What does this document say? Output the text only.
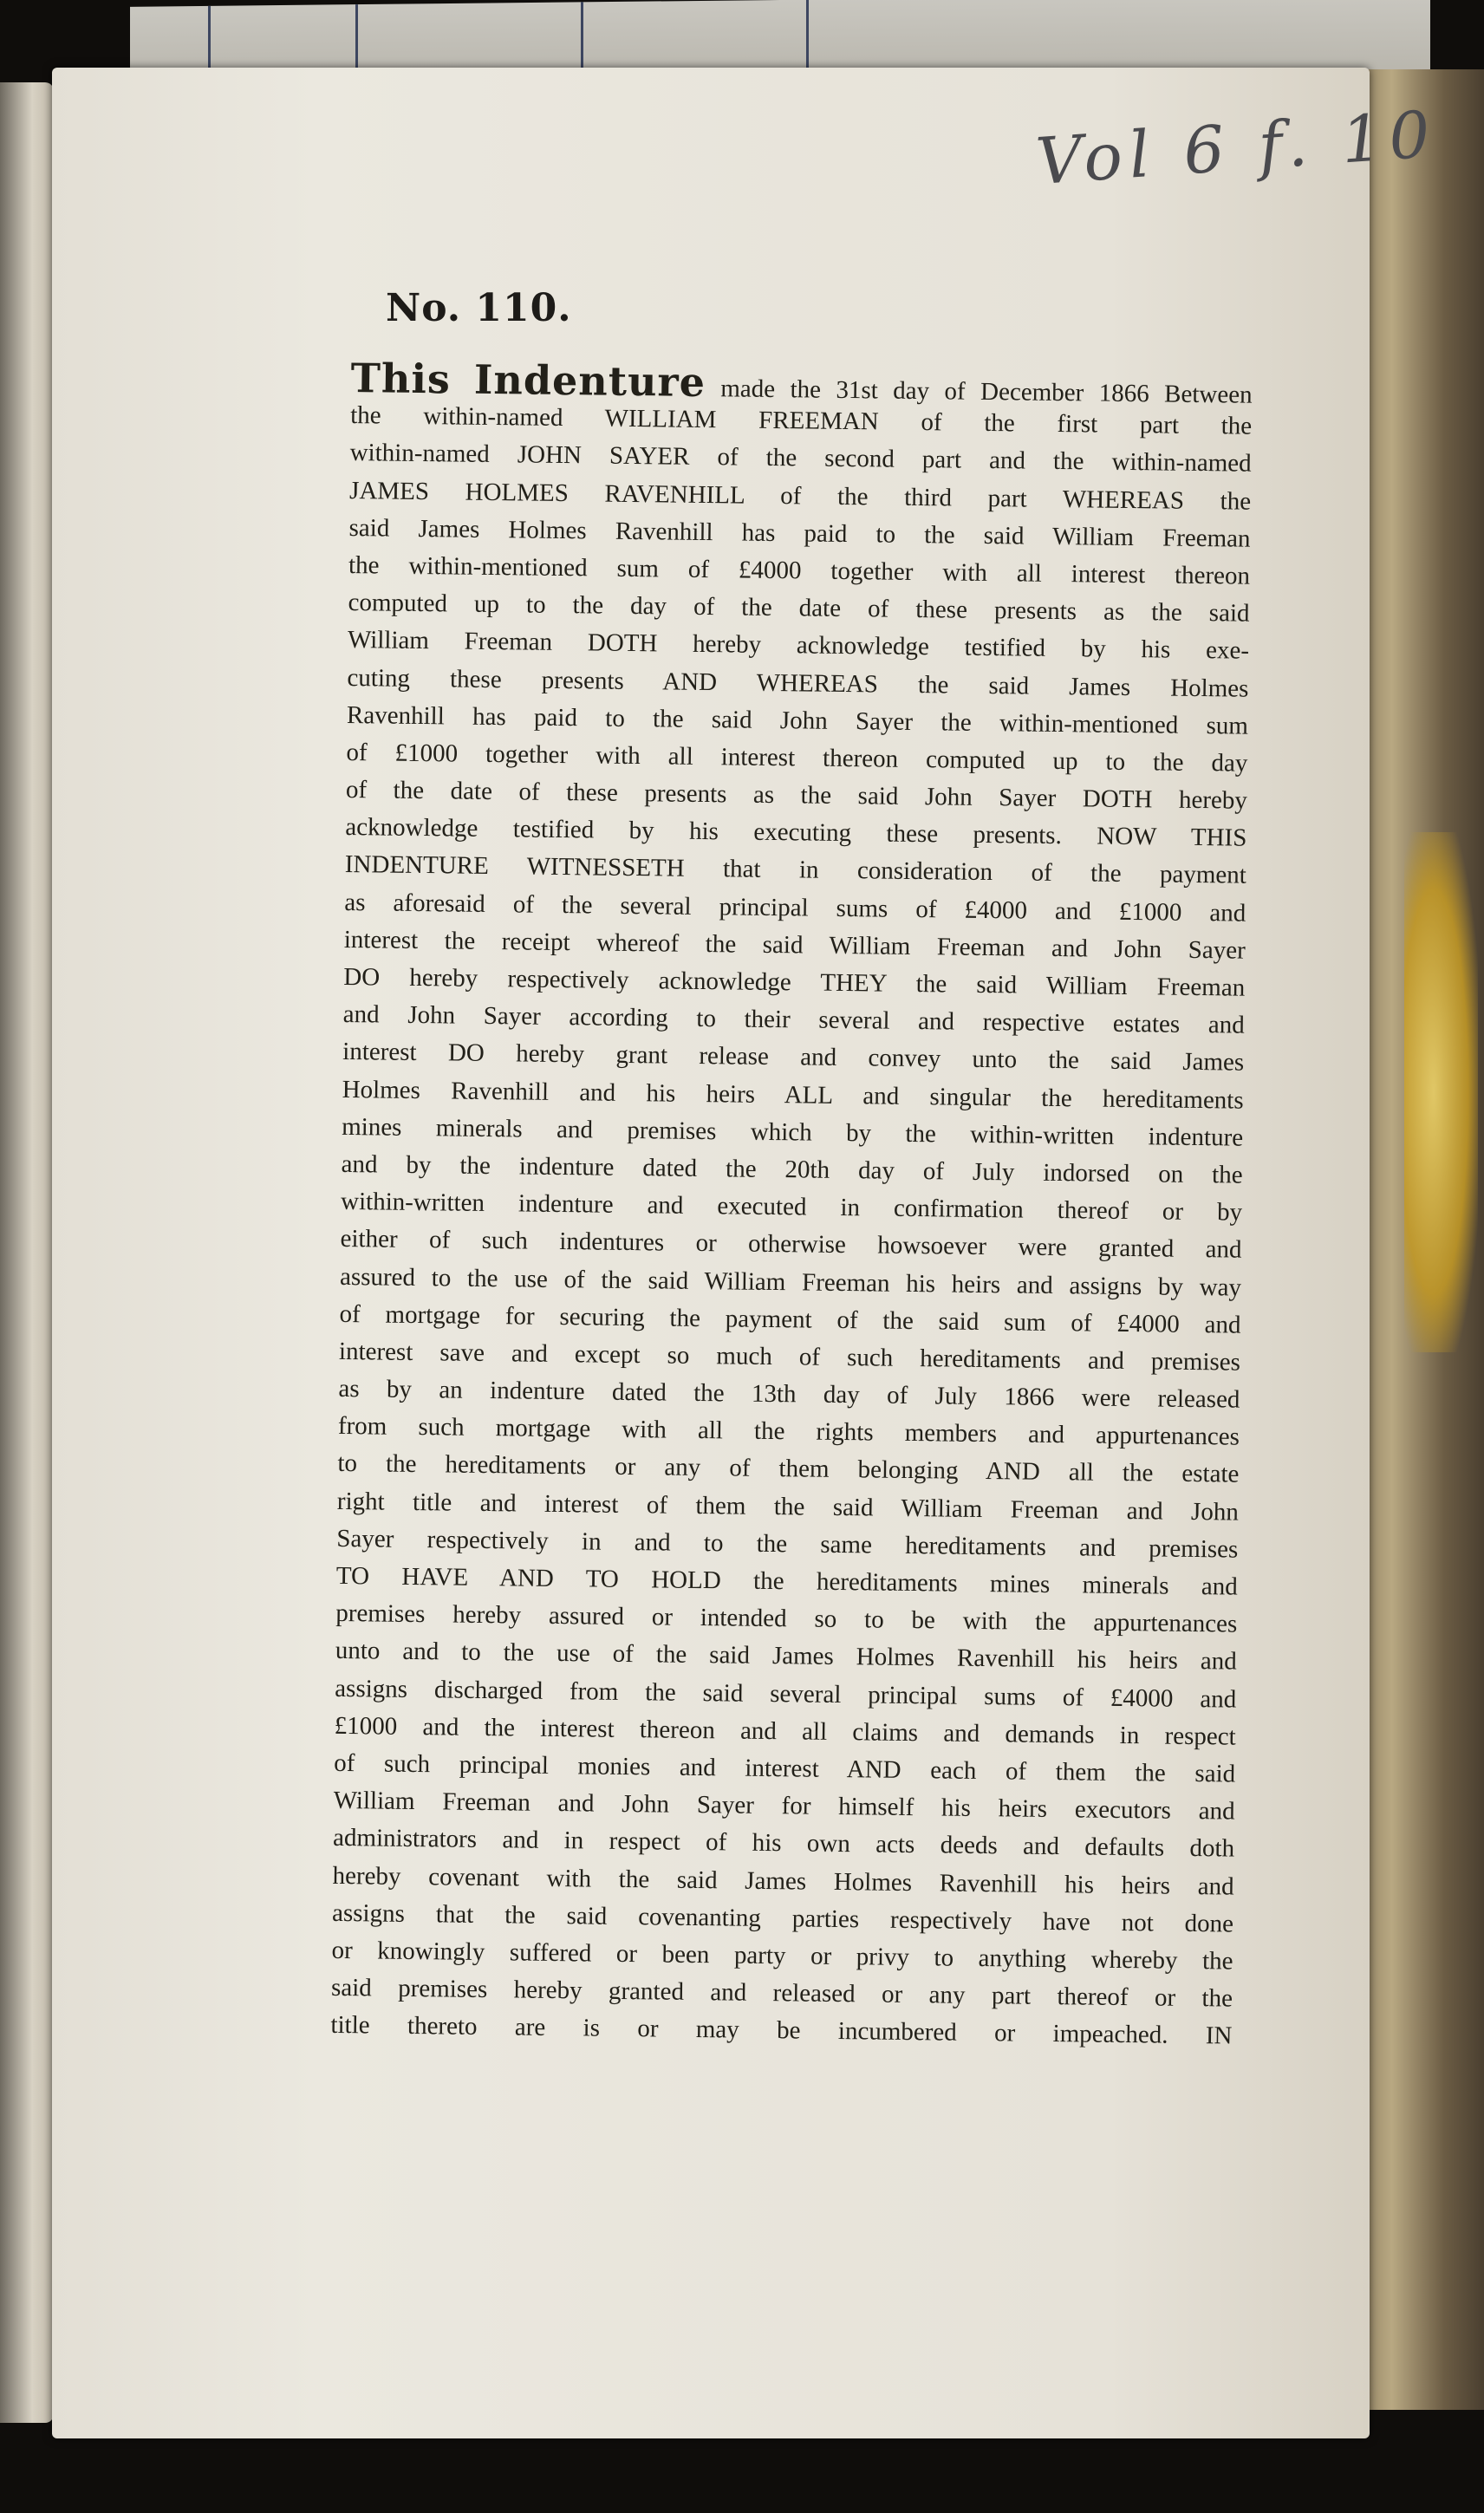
Vol 6 f. 10
No. 110.
This Indenture made the 31st day of December 1866 Between
the within-named WILLIAM FREEMAN of the first part the
within-named JOHN SAYER of the second part and the within-named
JAMES HOLMES RAVENHILL of the third part WHEREAS the
said James Holmes Ravenhill has paid to the said William Freeman
the within-mentioned sum of £4000 together with all interest thereon
computed up to the day of the date of these presents as the said
William Freeman DOTH hereby acknowledge testified by his exe-
cuting these presents AND WHEREAS the said James Holmes
Ravenhill has paid to the said John Sayer the within-mentioned sum
of £1000 together with all interest thereon computed up to the day
of the date of these presents as the said John Sayer DOTH hereby
acknowledge testified by his executing these presents. NOW THIS
INDENTURE WITNESSETH that in consideration of the payment
as aforesaid of the several principal sums of £4000 and £1000 and
interest the receipt whereof the said William Freeman and John Sayer
DO hereby respectively acknowledge THEY the said William Freeman
and John Sayer according to their several and respective estates and
interest DO hereby grant release and convey unto the said James
Holmes Ravenhill and his heirs ALL and singular the hereditaments
mines minerals and premises which by the within-written indenture
and by the indenture dated the 20th day of July indorsed on the
within-written indenture and executed in confirmation thereof or by
either of such indentures or otherwise howsoever were granted and
assured to the use of the said William Freeman his heirs and assigns by way
of mortgage for securing the payment of the said sum of £4000 and
interest save and except so much of such hereditaments and premises
as by an indenture dated the 13th day of July 1866 were released
from such mortgage with all the rights members and appurtenances
to the hereditaments or any of them belonging AND all the estate
right title and interest of them the said William Freeman and John
Sayer respectively in and to the same hereditaments and premises
TO HAVE AND TO HOLD the hereditaments mines minerals and
premises hereby assured or intended so to be with the appurtenances
unto and to the use of the said James Holmes Ravenhill his heirs and
assigns discharged from the said several principal sums of £4000 and
£1000 and the interest thereon and all claims and demands in respect
of such principal monies and interest AND each of them the said
William Freeman and John Sayer for himself his heirs executors and
administrators and in respect of his own acts deeds and defaults doth
hereby covenant with the said James Holmes Ravenhill his heirs and
assigns that the said covenanting parties respectively have not done
or knowingly suffered or been party or privy to anything whereby the
said premises hereby granted and released or any part thereof or the
title thereto are is or may be incumbered or impeached. IN
